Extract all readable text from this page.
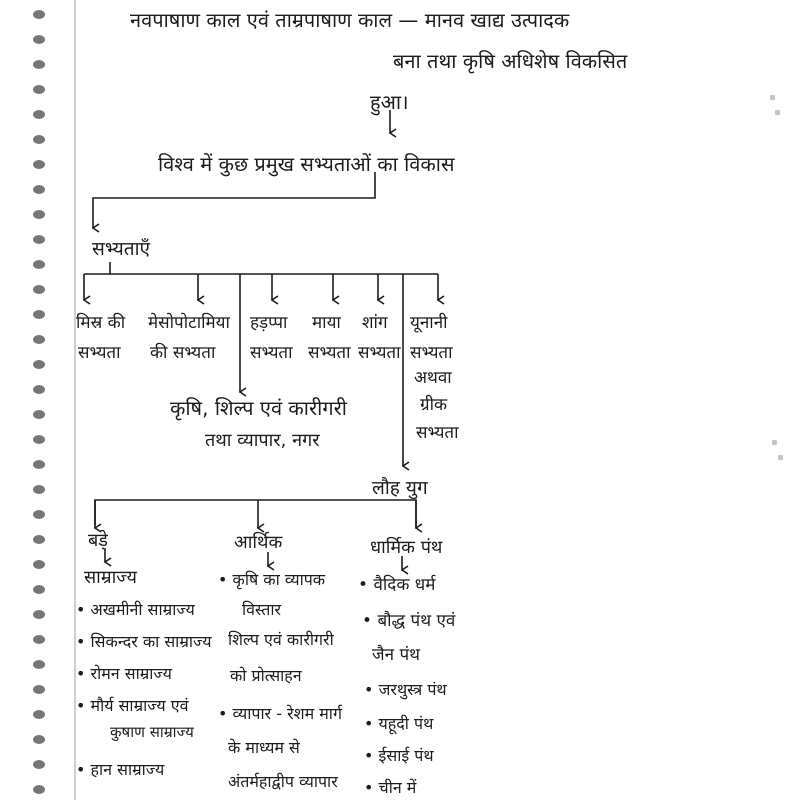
नवपाषाण काल एवं ताम्रपाषाण काल — मानव खाद्य उत्पादक
बना तथा कृषि अधिशेष विकसित
हुआ।
विश्व में कुछ प्रमुख सभ्यताओं का विकास
सभ्यताएँ
मिस्र की
सभ्यता
मेसोपोटामिया
की सभ्यता
हड़प्पा
सभ्यता
माया
सभ्यता
शांग
सभ्यता
यूनानी
सभ्यता
अथवा
ग्रीक
सभ्यता
कृषि, शिल्प एवं कारीगरी
तथा व्यापार, नगर
लौह युग
बड़े
साम्राज्य
• अखमीनी साम्राज्य
• सिकन्दर का साम्राज्य
• रोमन साम्राज्य
• मौर्य साम्राज्य एवं
कुषाण साम्राज्य
• हान साम्राज्य
आर्थिक
• कृषि का व्यापक
विस्तार
शिल्प एवं कारीगरी
को प्रोत्साहन
• व्यापार - रेशम मार्ग
के माध्यम से
अंतर्महाद्वीप व्यापार
धार्मिक पंथ
• वैदिक धर्म
• बौद्ध पंथ एवं
जैन पंथ
• जरथुस्त्र पंथ
• यहूदी पंथ
• ईसाई पंथ
• चीन में
